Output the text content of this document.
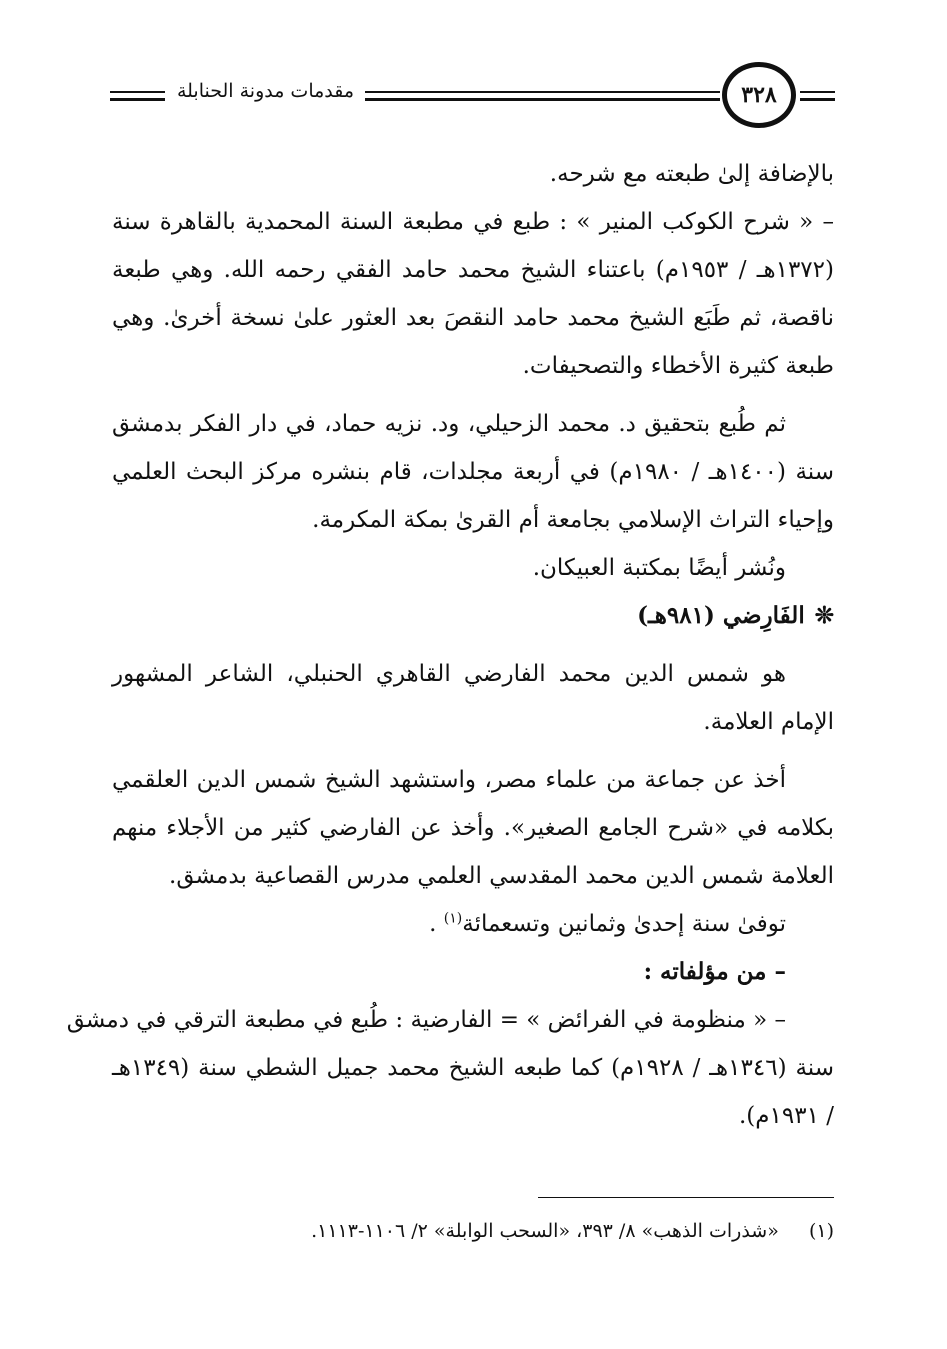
مقدمات مدونة الحنابلة	٣٢٨
بالإضافة إلىٰ طبعته مع شرحه.
– « شرح الكوكب المنير » : طبع في مطبعة السنة المحمدية بالقاهرة سنة
(١٣٧٢هـ / ١٩٥٣م) باعتناء الشيخ محمد حامد الفقي رحمه الله. وهي طبعة
ناقصة، ثم طَبَع الشيخ محمد حامد النقصَ بعد العثور علىٰ نسخة أخرىٰ. وهي
طبعة كثيرة الأخطاء والتصحيفات.
ثم طُبع بتحقيق د. محمد الزحيلي، ود. نزيه حماد، في دار الفكر بدمشق
سنة (١٤٠٠هـ / ١٩٨٠م) في أربعة مجلدات، قام بنشره مركز البحث العلمي
وإحياء التراث الإسلامي بجامعة أم القرىٰ بمكة المكرمة.
ونُشر أيضًا بمكتبة العبيكان.
❊الفَارِضي (٩٨١هـ)
هو شمس الدين محمد الفارضي القاهري الحنبلي، الشاعر المشهور
الإمام العلامة.
أخذ عن جماعة من علماء مصر، واستشهد الشيخ شمس الدين العلقمي
بكلامه في «شرح الجامع الصغير». وأخذ عن الفارضي كثير من الأجلاء منهم
العلامة شمس الدين محمد المقدسي العلمي مدرس القصاعية بدمشق.
توفىٰ سنة إحدىٰ وثمانين وتسعمائة$^{(١)}$ .
– من مؤلفاته :
– « منظومة في الفرائض » = الفارضية : طُبع في مطبعة الترقي في دمشق
سنة (١٣٤٦هـ / ١٩٢٨م) كما طبعه الشيخ محمد جميل الشطي سنة (١٣٤٩هـ
/ ١٩٣١م).
(١)  «شذرات الذهب» ٨/ ٣٩٣، «السحب الوابلة» ٢/ ١١٠٦-١١١٣.
